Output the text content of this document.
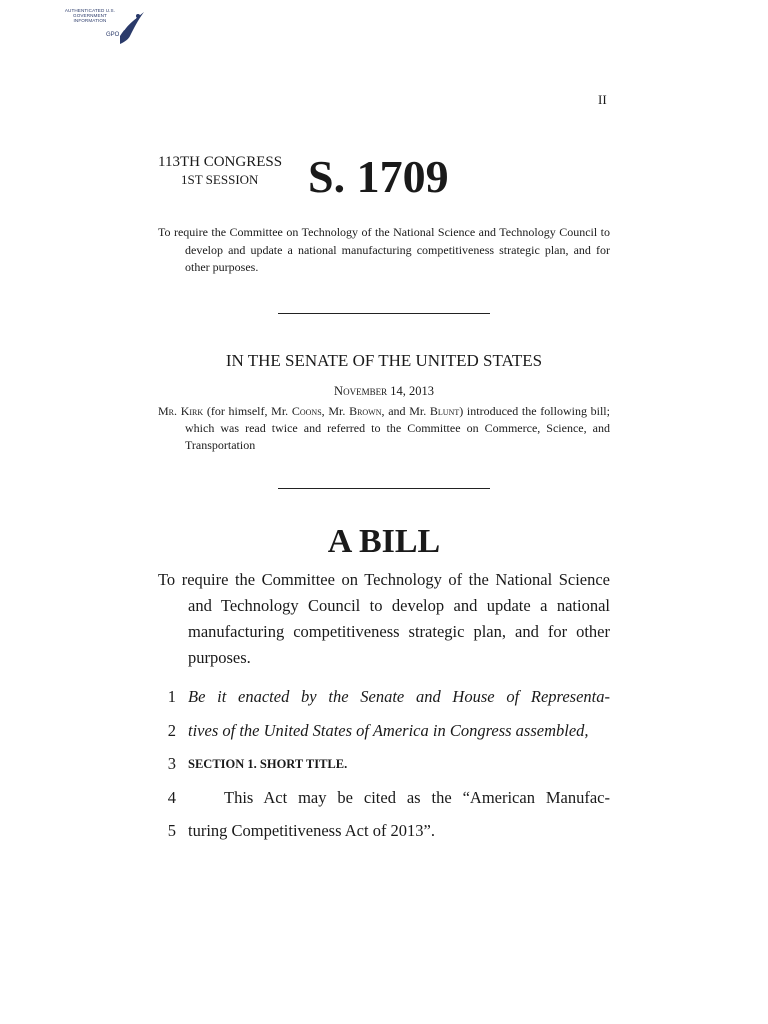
AUTHENTICATED U.S. GOVERNMENT INFORMATION
GPO
II
113TH CONGRESS
1ST SESSION S. 1709
To require the Committee on Technology of the National Science and Technology Council to develop and update a national manufacturing competitiveness strategic plan, and for other purposes.
IN THE SENATE OF THE UNITED STATES
November 14, 2013
Mr. Kirk (for himself, Mr. Coons, Mr. Brown, and Mr. Blunt) introduced the following bill; which was read twice and referred to the Committee on Commerce, Science, and Transportation
A BILL
To require the Committee on Technology of the National Science and Technology Council to develop and update a national manufacturing competitiveness strategic plan, and for other purposes.
1 Be it enacted by the Senate and House of Representa-
2 tives of the United States of America in Congress assembled,
3 SECTION 1. SHORT TITLE.
4	This Act may be cited as the “American Manufac-
5 turing Competitiveness Act of 2013”.
